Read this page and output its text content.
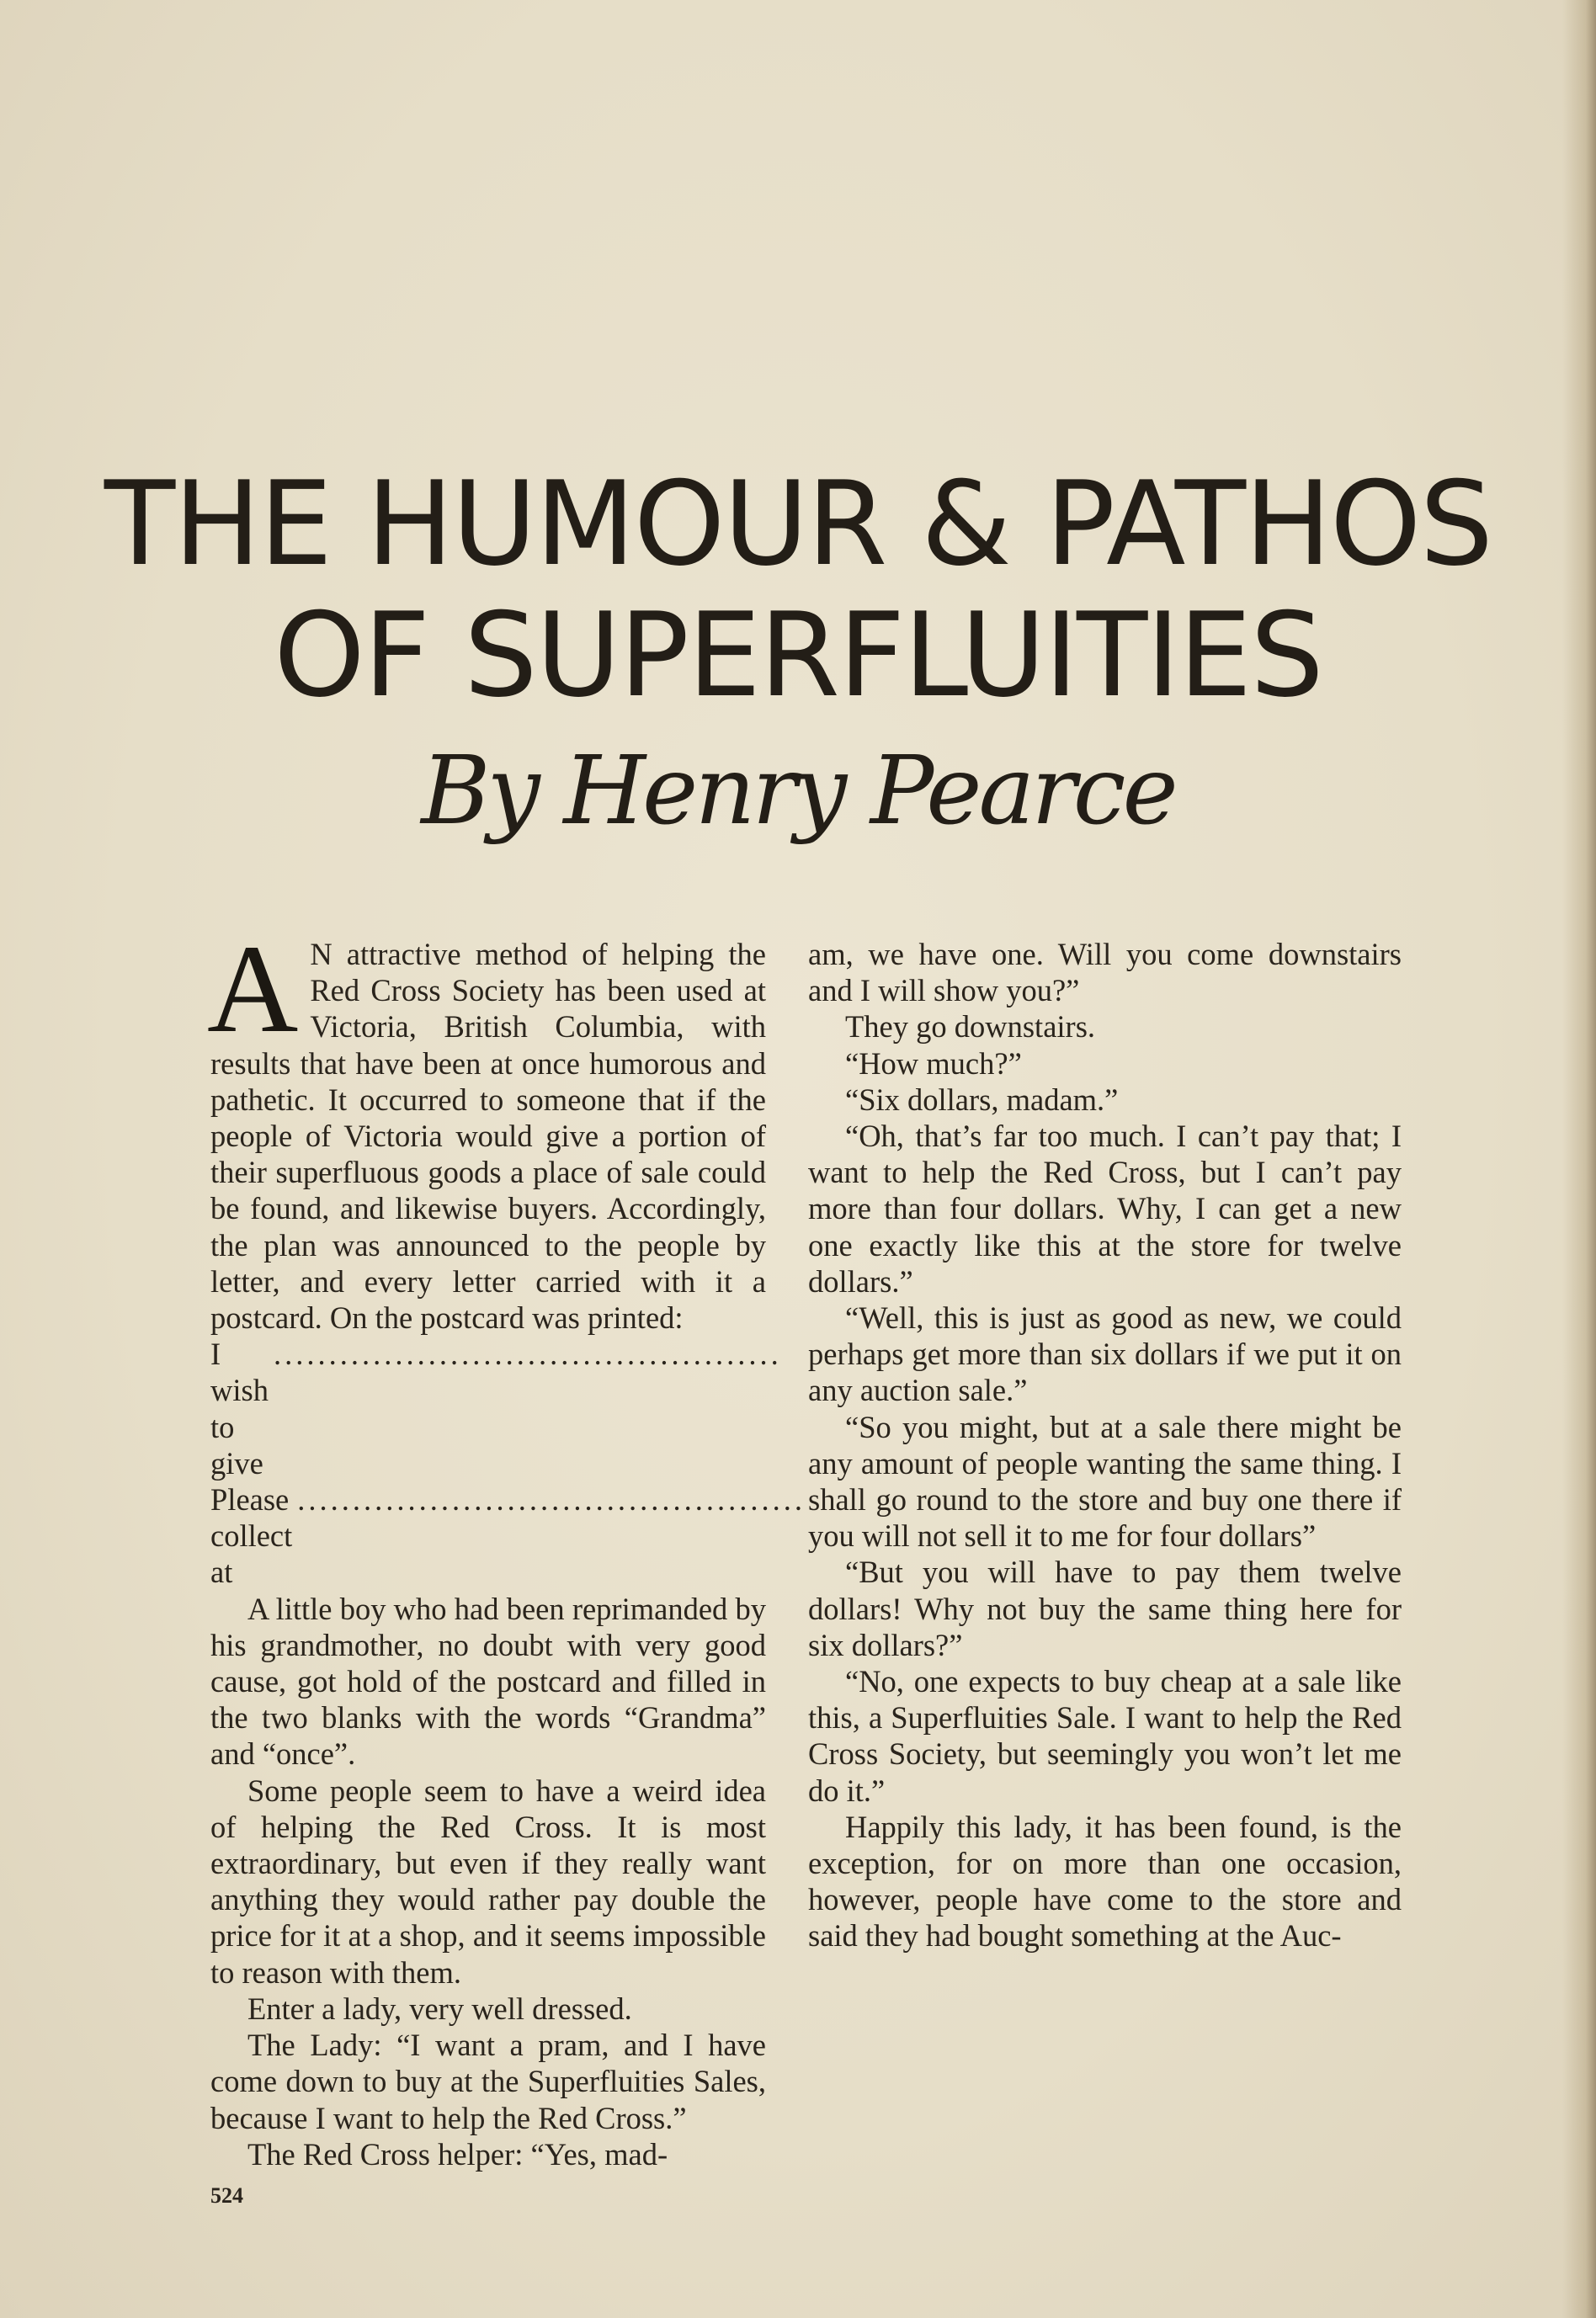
THE HUMOUR & PATHOS
OF SUPERFLUITIES
By Henry Pearce

A N attractive method of helping the Red Cross Society has been used at Victoria, British Columbia, with results that have been at once humorous and pathetic. It occurred to someone that if the people of Victoria would give a portion of their superfluous goods a place of sale could be found, and likewise buyers. Accordingly, the plan was announced to the people by letter, and every letter carried with it a postcard. On the postcard was printed:

I wish to give
..............................................

Please collect at
..............................................

A little boy who had been reprimanded by his grandmother, no doubt with very good cause, got hold of the postcard and filled in the two blanks with the words “Grandma” and “once”.

Some people seem to have a weird idea of helping the Red Cross. It is most extraordinary, but even if they really want anything they would rather pay double the price for it at a shop, and it seems impossible to reason with them.

Enter a lady, very well dressed.

The Lady: “I want a pram, and I have come down to buy at the Superfluities Sales, because I want to help the Red Cross.”

The Red Cross helper: “Yes, mad-

am, we have one. Will you come downstairs and I will show you?”

They go downstairs.

“How much?”

“Six dollars, madam.”

“Oh, that’s far too much. I can’t pay that; I want to help the Red Cross, but I can’t pay more than four dollars. Why, I can get a new one exactly like this at the store for twelve dollars.”

“Well, this is just as good as new, we could perhaps get more than six dollars if we put it on any auction sale.”

“So you might, but at a sale there might be any amount of people wanting the same thing. I shall go round to the store and buy one there if you will not sell it to me for four dollars”

“But you will have to pay them twelve dollars! Why not buy the same thing here for six dollars?”

“No, one expects to buy cheap at a sale like this, a Superfluities Sale. I want to help the Red Cross Society, but seemingly you won’t let me do it.”

Happily this lady, it has been found, is the exception, for on more than one occasion, however, people have come to the store and said they had bought something at the Auc-

524
